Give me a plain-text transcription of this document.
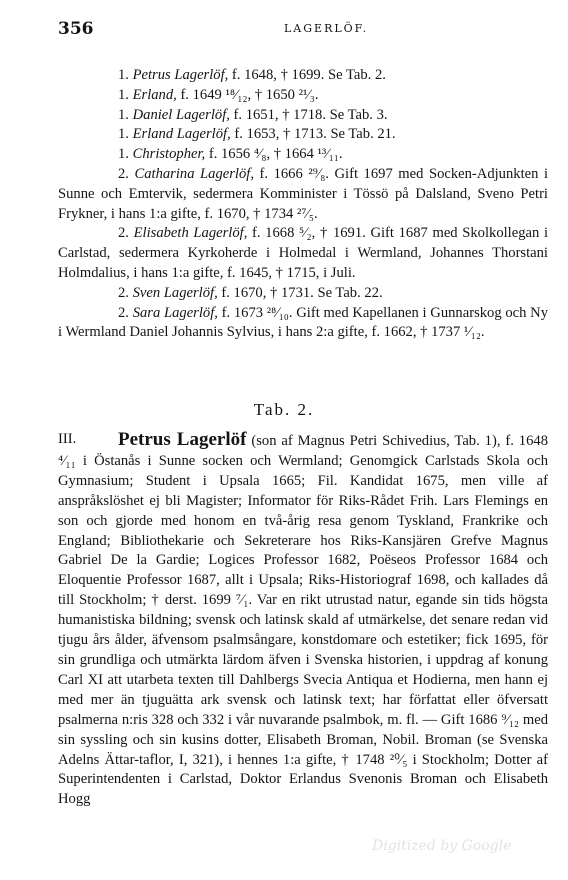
356	LAGERLÖF.
1. Petrus Lagerlöf, f. 1648, † 1699. Se Tab. 2.
1. Erland, f. 1649 ¹⁸⁄₁₂, † 1650 ²¹⁄₃.
1. Daniel Lagerlöf, f. 1651, † 1718. Se Tab. 3.
1. Erland Lagerlöf, f. 1653, † 1713. Se Tab. 21.
1. Christopher, f. 1656 ⁴⁄₈, † 1664 ¹³⁄₁₁.
2. Catharina Lagerlöf, f. 1666 ²⁹⁄₈. Gift 1697 med Socken-Adjunkten i Sunne och Emtervik, sedermera Komminister i Tössö på Dalsland, Sveno Petri Frykner, i hans 1:a gifte, f. 1670, † 1734 ²⁷⁄₅.
2. Elisabeth Lagerlöf, f. 1668 ⁵⁄₂, † 1691. Gift 1687 med Skolkollegan i Carlstad, sedermera Kyrkoherde i Holmedal i Wermland, Johannes Thorstani Holmdalius, i hans 1:a gifte, f. 1645, † 1715, i Juli.
2. Sven Lagerlöf, f. 1670, † 1731. Se Tab. 22.
2. Sara Lagerlöf, f. 1673 ²⁸⁄₁₀. Gift med Kapellanen i Gunnarskog och Ny i Wermland Daniel Johannis Sylvius, i hans 2:a gifte, f. 1662, † 1737 ¹⁄₁₂.
Tab. 2.
III. Petrus Lagerlöf (son af Magnus Petri Schivedius, Tab. 1), f. 1648 ⁴⁄₁₁ i Östanås i Sunne socken och Wermland; Genomgick Carlstads Skola och Gymnasium; Student i Upsala 1665; Fil. Kandidat 1675, men ville af anspråkslöshet ej bli Magister; Informator för Riks-Rådet Frih. Lars Flemings en son och gjorde med honom en två-årig resa genom Tyskland, Frankrike och England; Bibliothekarie och Sekreterare hos Riks-Kansjären Grefve Magnus Gabriel De la Gardie; Logices Professor 1682, Poëseos Professor 1684 och Eloquentie Professor 1687, allt i Upsala; Riks-Historiograf 1698, och kallades då till Stockholm; † derst. 1699 ⁷⁄₁. Var en rikt utrustad natur, egande sin tids högsta humanistiska bildning; svensk och latinsk skald af utmärkelse, det senare redan vid tjugu års ålder, äfvensom psalmsångare, konstdomare och estetiker; fick 1695, för sin grundliga och utmärkta lärdom äfven i Svenska historien, i uppdrag af konung Carl XI att utarbeta texten till Dahlbergs Svecia Antiqua et Hodierna, men hann ej med mer än tjuguätta ark svensk och latinsk text; har författat eller öfversatt psalmerna n:ris 328 och 332 i vår nuvarande psalmbok, m. fl. — Gift 1686 ⁹⁄₁₂ med sin syssling och sin kusins dotter, Elisabeth Broman, Nobil. Broman (se Svenska Adelns Ättar-taflor, I, 321), i hennes 1:a gifte, † 1748 ²⁰⁄₅ i Stockholm; Dotter af Superintendenten i Carlstad, Doktor Erlandus Svenonis Broman och Elisabeth Hogg
Digitized by Google
